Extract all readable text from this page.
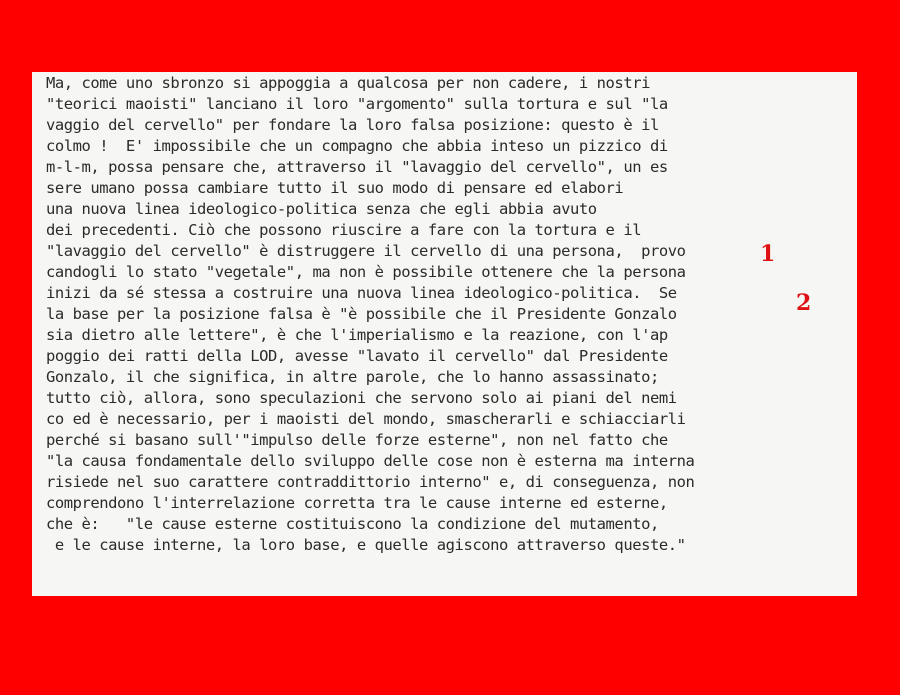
Ma, come uno sbronzo si appoggia a qualcosa per non cadere, i nostri
"teorici maoisti" lanciano il loro "argomento" sulla tortura e sul "la
vaggio del cervello" per fondare la loro falsa posizione: questo è il
colmo !  E' impossibile che un compagno che abbia inteso un pizzico di
m-l-m, possa pensare che, attraverso il "lavaggio del cervello", un es
sere umano possa cambiare tutto il suo modo di pensare ed elabori
una nuova linea ideologico-politica senza che egli abbia avuto
dei precedenti. Ciò che possono riuscire a fare con la tortura e il
"lavaggio del cervello" è distruggere il cervello di una persona,  provo
candogli lo stato "vegetale", ma non è possibile ottenere che la persona
inizi da sé stessa a costruire una nuova linea ideologico-politica.  Se
la base per la posizione falsa è "è possibile che il Presidente Gonzalo
sia dietro alle lettere", è che l'imperialismo e la reazione, con l'ap
poggio dei ratti della LOD, avesse "lavato il cervello" dal Presidente
Gonzalo, il che significa, in altre parole, che lo hanno assassinato;
tutto ciò, allora, sono speculazioni che servono solo ai piani del nemi
co ed è necessario, per i maoisti del mondo, smascherarli e schiacciarli
perché si basano sull'"impulso delle forze esterne", non nel fatto che
"la causa fondamentale dello sviluppo delle cose non è esterna ma interna
risiede nel suo carattere contraddittorio interno" e, di conseguenza, non
comprendono l'interrelazione corretta tra le cause interne ed esterne,
che è:   "le cause esterne costituiscono la condizione del mutamento,
e le cause interne, la loro base, e quelle agiscono attraverso queste."
1
2
